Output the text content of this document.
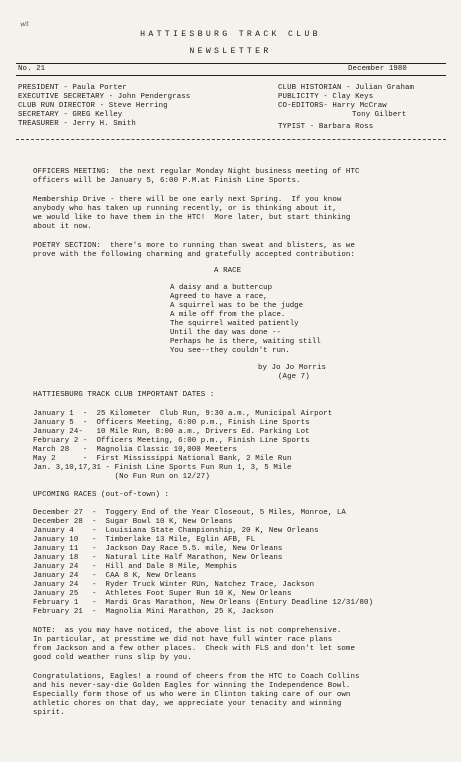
wt
HATTIESBURG TRACK CLUB
NEWSLETTER
No. 21	December 1980
PRESIDENT - Paula Porter
EXECUTIVE SECRETARY - John Pendergrass
CLUB RUN DIRECTOR - Steve Herring
SECRETARY - GREG Kelley
TREASURER - Jerry H. Smith
CLUB HISTORIAN - Julian Graham
PUBLICITY - Clay Keys
CO-EDITORS- Harry McCraw
Tony Gilbert
TYPIST - Barbara Ross
OFFICERS MEETING:  the next regular Monday Night business meeting of HTC
officers will be January 5, 6:00 P.M.at Finish Line Sports.
Membership Drive - there will be one early next Spring.  If you know
anybody who has taken up running recently, or is thinking about it,
we would like to have them in the HTC!  More later, but start thinking
about it now.
POETRY SECTION:  there's more to running than sweat and blisters, as we
prove with the following charming and gratefully accepted contribution:
A RACE
A daisy and a buttercup
Agreed to have a race,
A squirrel was to be the judge
A mile off from the place.
The squirrel waited patiently
Until the day was done --
Perhaps he is there, waiting still
You see--they couldn't run.
by Jo Jo Morris
(Age 7)
HATTIESBURG TRACK CLUB IMPORTANT DATES :
January 1  -  25 Kilometer  Club Run, 9:30 a.m., Municipal Airport
January 5  -  Officers Meeting, 6:00 p.m., Finish Line Sports
January 24-   10 Mile Run, 8:00 a.m., Drivers Ed. Parking Lot
February 2 -  Officers Meeting, 6:00 p.m., Finish Line Sports
March 28   -  Magnolia Classic 10,000 Meeters
May 2      -  First Mississippi National Bank, 2 Mile Run
Jan. 3,10,17,31 - Finish Line Sports Fun Run 1, 3, 5 Mile
(No Fun Run on 12/27)
UPCOMING RACES (out-of-town) :
December 27  -  Toggery End of the Year Closeout, 5 Miles, Monroe, LA
December 28  -  Sugar Bowl 10 K, New Orleans
January 4    -  Louisiana State Championship, 20 K, New Orleans
January 10   -  Timberlake 13 Mile, Eglin AFB, FL
January 11   -  Jackson Day Race 5.5. mile, New Orleans
January 18   -  Natural Lite Half Marathon, New Orleans
January 24   -  Hill and Dale 8 Mile, Memphis
January 24   -  CAA 8 K, New Orleans
January 24   -  Ryder Truck Winter RUn, Natchez Trace, Jackson
January 25   -  Athletes Foot Super Run 10 K, New Orleans
February 1   -  Mardi Gras Marathon, New Orleans (Entury Deadline 12/31/80)
February 21  -  Magnolia Mini Marathon, 25 K, Jackson
NOTE:  as you may have noticed, the above list is not comprehensive.
In particular, at presstime we did not have full winter race plans
from Jackson and a few other places.  Check with FLS and don't let some
good cold weather runs slip by you.
Congratulations, Eagles! a round of cheers from the HTC to Coach Collins
and his never-say-die Golden Eagles for winning the Independence Bowl.
Especially form those of us who were in Clinton taking care of our own
athletic chores on that day, we appreciate your tenacity and winning
spirit.
